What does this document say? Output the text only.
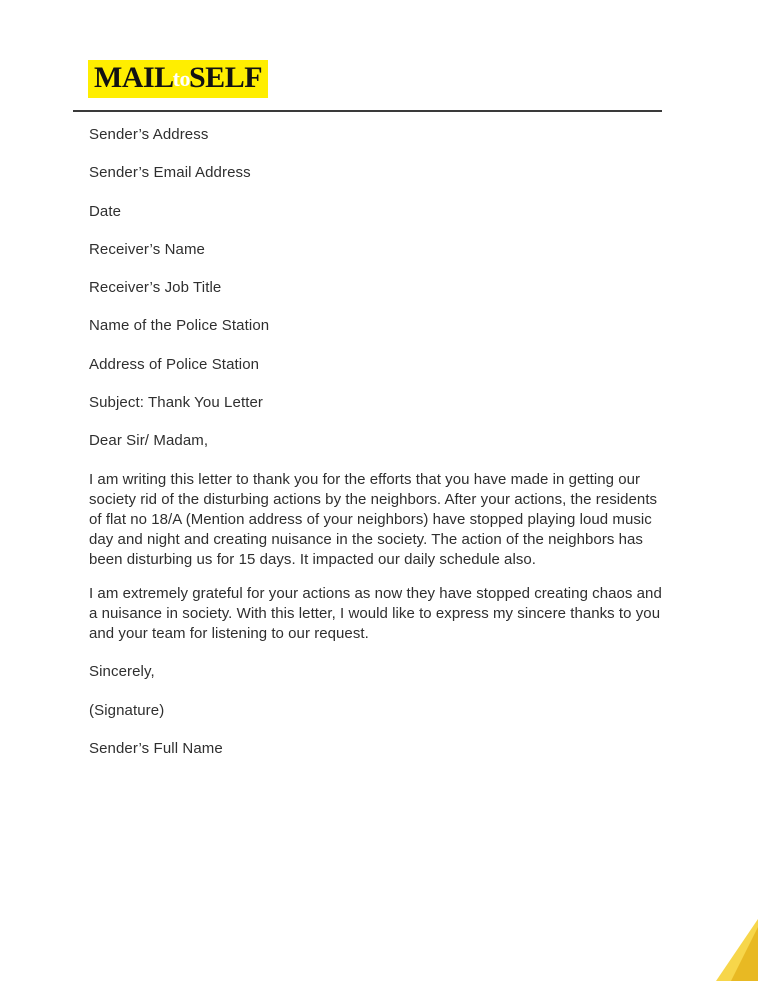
MAILtoSELF
Sender’s Address
Sender’s Email Address
Date
Receiver’s Name
Receiver’s Job Title
Name of the Police Station
Address of Police Station
Subject: Thank You Letter
Dear Sir/ Madam,

I am writing this letter to thank you for the efforts that you have made in getting our society rid of the disturbing actions by the neighbors. After your actions, the residents of flat no 18/A (Mention address of your neighbors) have stopped playing loud music day and night and creating nuisance in the society. The action of the neighbors has been disturbing us for 15 days. It impacted our daily schedule also.

I am extremely grateful for your actions as now they have stopped creating chaos and a nuisance in society. With this letter, I would like to express my sincere thanks to you and your team for listening to our request.

Sincerely,
(Signature)
Sender’s Full Name
